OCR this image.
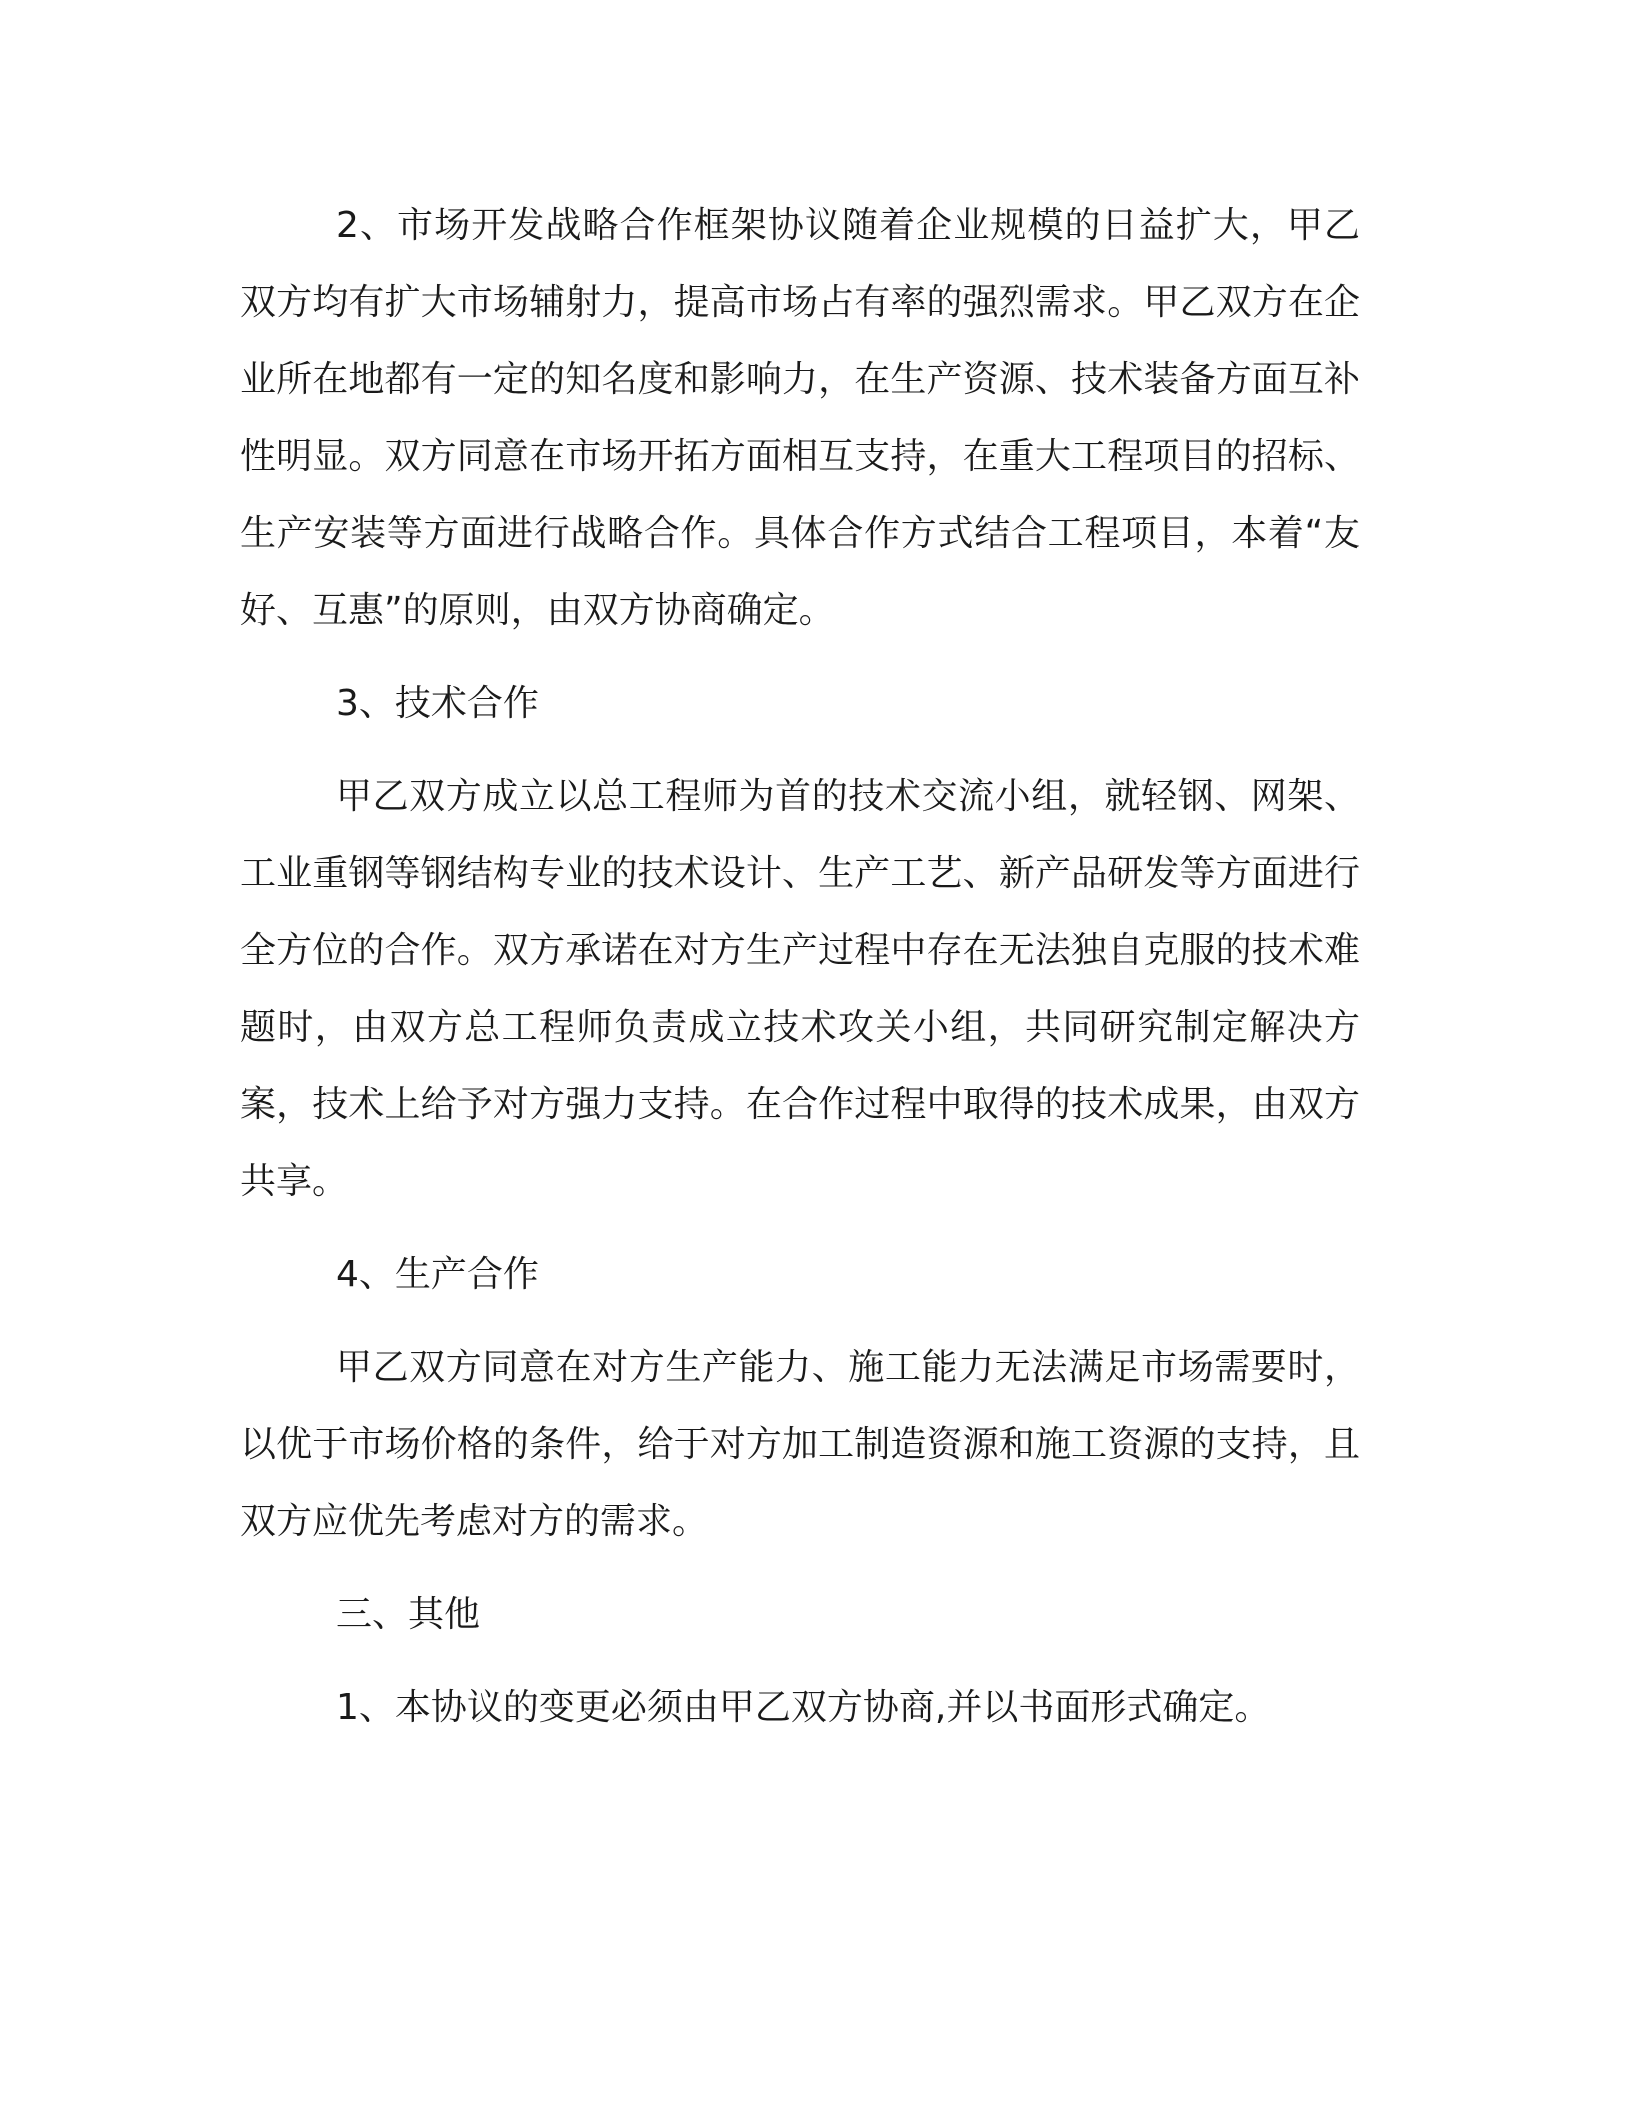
2、市场开发战略合作框架协议随着企业规模的日益扩大，甲乙双方均有扩大市场辅射力，提高市场占有率的强烈需求。甲乙双方在企业所在地都有一定的知名度和影响力，在生产资源、技术装备方面互补性明显。双方同意在市场开拓方面相互支持，在重大工程项目的招标、生产安装等方面进行战略合作。具体合作方式结合工程项目，本着“友好、互惠”的原则，由双方协商确定。

3、技术合作

甲乙双方成立以总工程师为首的技术交流小组，就轻钢、网架、工业重钢等钢结构专业的技术设计、生产工艺、新产品研发等方面进行全方位的合作。双方承诺在对方生产过程中存在无法独自克服的技术难题时，由双方总工程师负责成立技术攻关小组，共同研究制定解决方案，技术上给予对方强力支持。在合作过程中取得的技术成果，由双方共享。

4、生产合作

甲乙双方同意在对方生产能力、施工能力无法满足市场需要时，以优于市场价格的条件，给于对方加工制造资源和施工资源的支持，且双方应优先考虑对方的需求。

三、其他

1、本协议的变更必须由甲乙双方协商,并以书面形式确定。
